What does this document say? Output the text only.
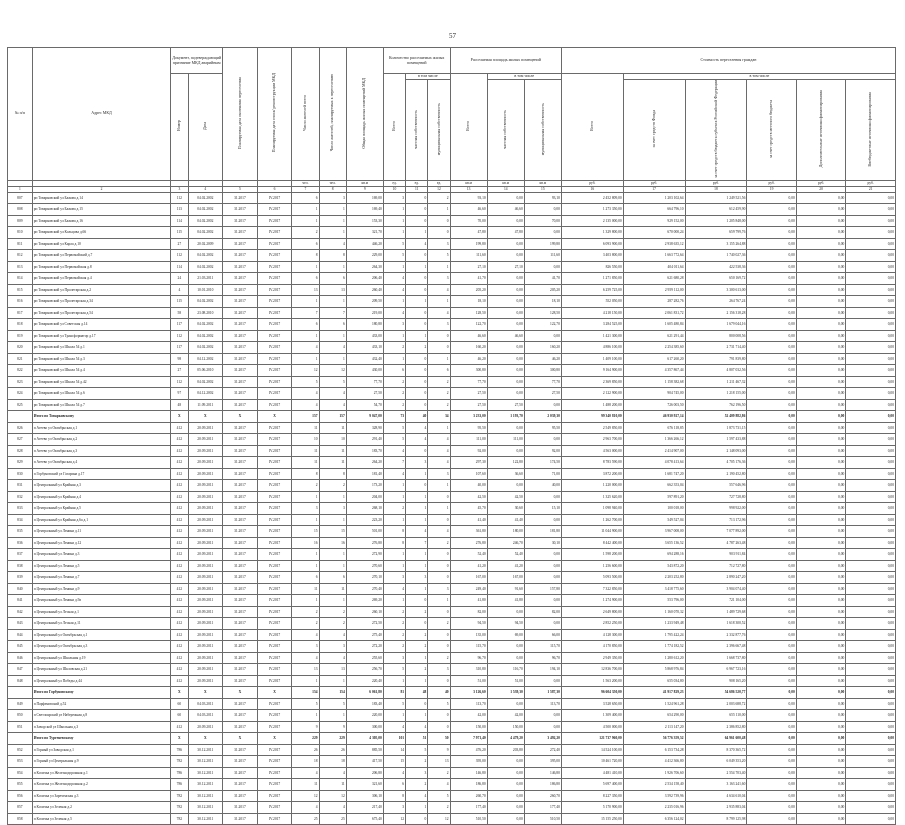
57
№ п/п	Адрес МКД	Документ, подтверждающий признание МКД аварийным		Планируемая дата окончания переселения	Планируемая дата сноса/ реконструкции МКД	Число жителей всего	Число жителей, планируемых к переселению	Общая площадь жилых помещений МКД	Количество расселяемых жилых помещений			Расселяемая площадь жилых помещений			Стоимость переселения граждан					
		Номер	Дата						Всего	в том числе		Всего	в том числе		Всего	в том числе				
										частная собственность	муниципальная собственность		частная собственность	муниципальная собственность		за счет средств Фонда	за счет средств бюджета субъекта Российской Федерации	за счет средств местного бюджета	Дополнительные источники финансирования	Внебюджетные источники финансирования
						чел.	чел.	кв.м	ед.	ед.	ед.	кв.м	кв.м	кв.м	руб.	руб.	руб.	руб.	руб.	руб.
1	2	3	4	5	6	7	8	9	10	11	12	13	14	15	16	17	18	19	20	21
807	рп Товарковский ул Бажова д.14	112	04.02.2002	31.2017	IV.2017	6	3	169,00	3	0	2	93,10	0,00	93,10	2 452 809,00	1 203 102,64	1 249 521,56	0,00	0,00	0,00
808	рп Товарковский ул Бажова д.15	113	04.02.2002	31.2017	IV.2017	1	1	169,40	1	0	1	46,60	46,60	0,00	1 273 350,00	664 796,10	612 459,90	0,00	0,00	0,00
809	рп Товарковский ул Бажова д.16	114	04.02.2002	31.2017	IV.2017	1	1	153,30	1	0	0	70,00	0,00	70,00	2 135 000,00	929 152,00	1 205 848,00	0,00	0,00	0,00
810	рп Товарковский ул Кольцова д.66	115	04.02.2002	31.2017	IV.2017	2	1	321,70	1	1	0	47,80	47,80	0,00	1 329 800,00	670 000,24	659 799,76	0,00	0,00	0,00
811	рп Товарковский ул Карла д.10	27	20.02.2009	31.2017	IV.2017	6	4	446,20	5	4	3	199,80	0,00	199,80	6 093 900,00	2 938 635,12	3 155 264,88	0,00	0,00	0,00
812	рп Товарковский ул Первомайский д.7	112	04.02.2002	31.2017	IV.2017	8	8	229,00	5	0	5	111,60	0,00	111,60	3 403 800,00	1 663 772,64	1 740 027,36	0,00	0,00	0,00
813	рп Товарковский ул Первомайская д.8	114	04.02.2002	31.2017	IV.2017	1	1	264,30	1	1	1	27,10	27,10	0,00	826 550,00	404 011,64	422 538,36	0,00	0,00	0,00
814	рп Товарковский ул Первомайская д.4	24	21.03.2011	31.2017	IV.2017	6	6	206,40	4	0	3	41,70	0,00	41,70	1 271 850,00	621 680,28	650 169,72	0,00	0,00	0,00
815	рп Товарковский ул Пролетарская д.2	4	10.01.2010	31.2017	IV.2017	13	13	260,40	4	0	4	205,20	0,00	205,20	6 259 725,00	2 959 112,00	3 300 613,00	0,00	0,00	0,00
816	рп Товарковский ул Пролетарская д.34	115	04.02.2002	31.2017	IV.2017	1	1	209,50	1	1	1	18,10	0,00	18,10	552 050,00	287 282,76	264 767,24	0,00	0,00	0,00
817	рп Товарковский ул Пролетарская д.54	58	23.08.2010	31.2017	IV.2017	7	7	219,00	4	0	4	128,50	0,00	128,50	4 218 150,00	2 061 831,72	2 156 318,28	0,00	0,00	0,00
818	рп Товарковский ул Советская д.14	117	04.02.2002	31.2017	IV.2017	6	6	180,80	3	0	3	122,70	0,00	122,70	3 284 525,00	1 605 480,84	1 679 044,16	0,00	0,00	0,00
819	рп Товарковский ул Трансформатор д.17	112	04.02.2002	31.2017	IV.2017	1	1	433,00	1	1	0	46,60	46,60	0,00	1 421 300,00	621 291,44	800 008,56	0,00	0,00	0,00
820	рп Товарковский ул Школа 54 д.1	117	04.02.2002	31.2017	IV.2017	4	4	433,10	2	2	0	160,20	0,00	160,20	4 886 100,00	2 254 385,60	2 731 714,40	0,00	0,00	0,00
821	рп Товарковский ул Школа 54 д.3	98	04.12.2002	31.2017	IV.2017	1	1	432,40	1	0	1	46,20	0,00	46,20	1 409 100,00	617 260,20	791 839,80	0,00	0,00	0,00
822	рп Товарковский ул Школа 54 д.4	27	05.06.2010	31.2017	IV.2017	12	12	430,00	6	0	6	300,80	0,00	300,80	9 164 900,00	4 357 867,44	4 807 032,56	0,00	0,00	0,00
823	рп Товарковский ул Школа 54 д.42	112	04.02.2002	31.2017	IV.2017	5	5	77,70	2	0	2	77,70	0,00	77,70	2 369 850,00	1 158 382,68	1 211 467,32	0,00	0,00	0,00
824	рп Товарковский ул Школа 54 д.6	97	04.12.2002	31.2017	IV.2017	4	4	27,50	2	0	2	27,50	0,00	27,50	2 122 900,00	904 745,00	1 218 155,00	0,00	0,00	0,00
825	рп Товарковский ул Школа 54 д.7	48	11.09.2011	31.2017	IV.2017	4	4	54,70	2	0	2	27,50	27,50	0,00	1 488 200,00	726 003,50	762 196,50	0,00	0,00	0,00
	Итого по Товарковскому	X	X	X	X	157	157	9 047,00	73	40	34	3 233,00	1 193,70	2 039,30	99 340 810,00	46 930 927,14	52 409 882,86	0,00	0,00	0,00
826	п Агеево ул Октябрьская д.1	412	20.09.2011	31.2017	IV.2017	11	11	328,90	5	4	1	95,50	0,00	95,50	2 549 850,00	676 118,85	1 873 731,15	0,00	0,00	0,00
827	п Агеево ул Октябрьская д.2	412	20.09.2011	31.2017	IV.2017	10	10	291,40	5	4	4	111,00	111,00	0,00	2 963 700,00	1 366 266,12	1 597 433,88	0,00	0,00	0,00
828	п Агеево ул Октябрьская д.3	412	20.09.2011	31.2017	IV.2017	11	11	183,70	4	0	4	92,00	0,00	92,00	4 563 000,00	2 414 907,00	2 148 093,00	0,00	0,00	0,00
829	п Агеево ул Октябрьская д.4	412	20.09.2011	31.2017	IV.2017	11	11	264,20	7	3	4	297,30	122,80	174,50	8 783 590,00	4 078 413,64	4 705 176,36	0,00	0,00	0,00
830	п Горбуновский ул Гагарина д.17	412	20.09.2011	31.2017	IV.2017	8	8	181,40	4	1	3	107,60	36,60	71,00	3 872 200,00	1 681 747,20	2 190 452,80	0,00	0,00	0,00
831	п Центральный ул Крайняя д.3	412	20.09.2011	31.2017	IV.2017	2	2	173,20	1	0	1	40,00	0,00	40,00	1 220 000,00	662 353,04	557 646,96	0,00	0,00	0,00
832	п Центральный ул Крайняя д.4	412	20.09.2011	31.2017	IV.2017	1	1	204,00	1	1	0	42,50	42,50	0,00	1 325 620,00	597 891,20	727 728,80	0,00	0,00	0,00
833	п Центральный ул Крайняя д.5	412	20.09.2011	31.2017	IV.2017	3	3	268,10	2	1	1	45,70	30,60	15,10	1 098 940,00	100 018,00	998 922,00	0,00	0,00	0,00
834	п Центральный ул Крайняя д.6а д.1	412	20.09.2011	31.2017	IV.2017	1	1	223,20	1	1	0	41,40	41,40	0,00	1 262 700,00	549 527,04	713 172,96	0,00	0,00	0,00
835	п Центральный ул Ленина д.11	412	20.09.2011	31.2017	IV.2017	15	15	501,00	8	4	4	361,80	180,00	181,80	11 044 900,00	3 967 008,00	7 077 892,00	0,00	0,00	0,00
836	п Центральный ул Ленина д.12	412	20.09.2011	31.2017	IV.2017	16	16	276,80	8	7	2	276,80	246,70	30,10	8 442 400,00	3 655 136,52	4 787 263,48	0,00	0,00	0,00
837	п Центральный ул Ленина д.3	412	20.09.2011	31.2017	IV.2017	1	1	272,90	1	1	0	52,40	52,40	0,00	1 598 200,00	694 288,16	903 911,84	0,00	0,00	0,00
838	п Центральный ул Ленина д.5	412	20.09.2011	31.2017	IV.2017	1	1	270,60	1	1	0	41,20	41,20	0,00	1 256 600,00	543 872,20	712 727,80	0,00	0,00	0,00
839	п Центральный ул Ленина д.7	412	20.09.2011	31.2017	IV.2017	6	6	270,10	3	3	0	167,00	167,00	0,00	5 093 500,00	2 203 252,80	2 890 247,20	0,00	0,00	0,00
840	п Центральный ул Ленина д.9	412	20.09.2011	31.2017	IV.2017	11	11	270,40	4	1	3	249,40	91,60	157,80	7 322 850,00	3 418 775,60	3 904 074,40	0,00	0,00	0,00
841	п Центральный ул Ленина д.9а	412	20.09.2011	31.2017	IV.2017	1	1	269,20	1	0	1	41,80	41,80	0,00	1 274 900,00	553 796,00	721 104,00	0,00	0,00	0,00
842	п Центральный ул Лесная д.1	412	20.09.2011	31.2017	IV.2017	2	2	260,10	2	2	0	82,00	0,00	82,00	2 649 800,00	1 160 070,32	1 489 729,68	0,00	0,00	0,00
843	п Центральный ул Лесная д.11	412	20.09.2011	31.2017	IV.2017	2	2	272,50	2	0	2	94,50	94,50	0,00	2 852 250,00	1 233 949,48	1 618 300,52	0,00	0,00	0,00
844	п Центральный ул Октябрьская д.1	412	20.09.2011	31.2017	IV.2017	4	4	275,40	2	2	0	135,00	69,00	66,00	4 128 300,00	1 795 422,24	2 332 877,76	0,00	0,00	0,00
845	п Центральный ул Октябрьская д.3	412	20.09.2011	31.2017	IV.2017	3	3	272,20	2	2	0	115,70	0,00	115,70	4 170 850,00	1 774 182,52	2 396 667,48	0,00	0,00	0,00
846	п Центральный ул Школьная д.19	412	20.09.2011	31.2017	IV.2017	4	4	255,60	3	1	2	96,70	0,00	96,70	2 949 350,00	1 280 612,20	1 668 737,80	0,00	0,00	0,00
847	п Центральный ул Шкловская д.21	412	20.09.2011	31.2017	IV.2017	13	13	256,70	5	2	3	310,80	116,70	194,10	12 836 700,00	5 868 976,84	6 967 723,16	0,00	0,00	0,00
848	п Центральный ул Победы д.44	412	20.09.2011	31.2017	IV.2017	1	1	220,40	1	1	0	51,00	51,00	0,00	1 563 200,00	655 034,80	908 165,20	0,00	0,00	0,00
	Итого по Горбуновскому	X	X	X	X	154	154	6 061,80	81	48	40	3 126,60	1 539,30	1 587,30	96 604 350,00	41 917 829,23	54 686 520,77	0,00	0,00	0,00
849	п Парфеновский д.52	60	04.03.2011	31.2017	IV.2017	5	5	183,40	5	0	5	113,70	0,00	113,70	3 528 650,00	1 524 961,28	2 003 688,72	0,00	0,00	0,00
850	п Светлоярский ул Набережная д.8	60	04.03.2011	31.2017	IV.2017	1	1	220,00	1	1	0	42,00	42,00	0,00	1 309 400,00	654 290,00	655 110,00	0,00	0,00	0,00
851	п Заводской ул Школьная д.3	412	20.09.2011	31.2017	IV.2017	9	9	300,00	4	4	0	150,00	150,00	0,00	4 500 000,00	2 113 147,20	2 386 852,80	0,00	0,00	0,00
	Итого по Тургеневскому	X	X	X	X	229	229	4 305,00	101	51	50	7 971,40	4 479,20	3 492,20	121 737 960,00	56 776 359,52	64 961 600,48	0,00	0,00	0,00
852	п Горный ул Заводская д.1	786	30.12.2011	31.2017	IV.2017	26	26	885,50	14	5	9	476,20	203,80	272,40	14 524 100,00	6 153 734,28	8 370 365,72	0,00	0,00	0,00
853	п Горный ул Центральная д.9	782	30.12.2011	31.2017	IV.2017	18	18	417,50	15	2	13	395,00	0,00	395,00	10 461 720,00	4 412 366,80	6 049 353,20	0,00	0,00	0,00
854	п Косичка ул Железнодорожная д.1	786	30.12.2011	31.2017	IV.2017	4	4	206,80	4	3	2	146,80	0,00	146,80	4 481 410,00	1 926 706,60	2 554 703,40	0,00	0,00	0,00
855	п Косичка ул Железнодорожная д.2	786	30.12.2011	31.2017	IV.2017	11	11	321,60	6	2	4	186,80	0,00	186,80	5 697 400,00	2 534 158,40	3 163 241,60	0,00	0,00	0,00
856	п Косичка ул Зареченская д.3	782	30.12.2011	31.2017	IV.2017	12	12	306,10	8	4	5	260,70	0,00	260,70	8 227 350,00	3 592 739,96	4 634 610,04	0,00	0,00	0,00
857	п Косичка ул Зеленая д.2	782	30.12.2011	31.2017	IV.2017	4	4	217,40	3	1	2	177,40	0,00	177,40	5 170 900,00	2 235 016,96	2 935 883,04	0,00	0,00	0,00
858	п Косичка ул Зеленая д.5	782	30.12.2011	31.2017	IV.2017	25	25	675,40	12	0	12	510,50	0,00	510,50	15 155 250,00	6 356 124,02	8 799 125,98	0,00	0,00	0,00
